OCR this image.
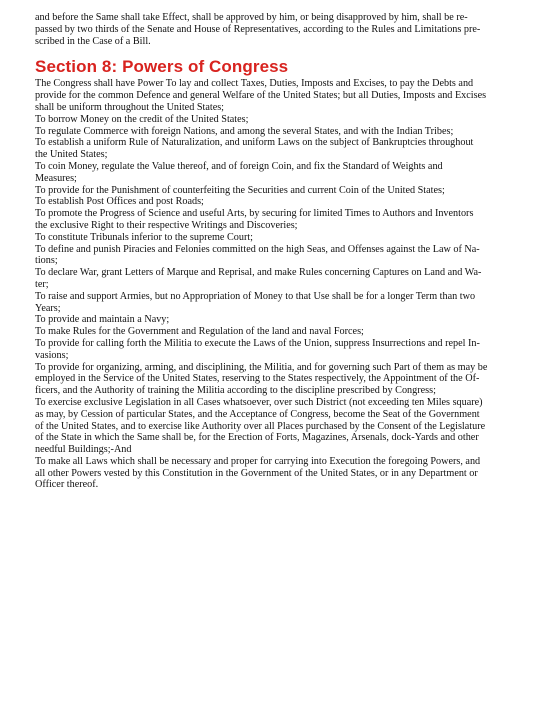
and before the Same shall take Effect, shall be approved by him, or being disapproved by him, shall be re-

passed by two thirds of the Senate and House of Representatives, according to the Rules and Limitations pre-

scribed in the Case of a Bill.

Section 8: Powers of Congress

The Congress shall have Power To lay and collect Taxes, Duties, Imposts and Excises, to pay the Debts and

provide for the common Defence and general Welfare of the United States; but all Duties, Imposts and Excises

shall be uniform throughout the United States;

To borrow Money on the credit of the United States;

To regulate Commerce with foreign Nations, and among the several States, and with the Indian Tribes;

To establish a uniform Rule of Naturalization, and uniform Laws on the subject of Bankruptcies throughout

the United States;

To coin Money, regulate the Value thereof, and of foreign Coin, and fix the Standard of Weights and

Measures;

To provide for the Punishment of counterfeiting the Securities and current Coin of the United States;

To establish Post Offices and post Roads;

To promote the Progress of Science and useful Arts, by securing for limited Times to Authors and Inventors

the exclusive Right to their respective Writings and Discoveries;

To constitute Tribunals inferior to the supreme Court;

To define and punish Piracies and Felonies committed on the high Seas, and Offenses against the Law of Na-

tions;

To declare War, grant Letters of Marque and Reprisal, and make Rules concerning Captures on Land and Wa-

ter;

To raise and support Armies, but no Appropriation of Money to that Use shall be for a longer Term than two

Years;

To provide and maintain a Navy;

To make Rules for the Government and Regulation of the land and naval Forces;

To provide for calling forth the Militia to execute the Laws of the Union, suppress Insurrections and repel In-

vasions;

To provide for organizing, arming, and disciplining, the Militia, and for governing such Part of them as may be

employed in the Service of the United States, reserving to the States respectively, the Appointment of the Of-

ficers, and the Authority of training the Militia according to the discipline prescribed by Congress;

To exercise exclusive Legislation in all Cases whatsoever, over such District (not exceeding ten Miles square)

as may, by Cession of particular States, and the Acceptance of Congress, become the Seat of the Government

of the United States, and to exercise like Authority over all Places purchased by the Consent of the Legislature

of the State in which the Same shall be, for the Erection of Forts, Magazines, Arsenals, dock-Yards and other

needful Buildings;-And

To make all Laws which shall be necessary and proper for carrying into Execution the foregoing Powers, and

all other Powers vested by this Constitution in the Government of the United States, or in any Department or

Officer thereof.
